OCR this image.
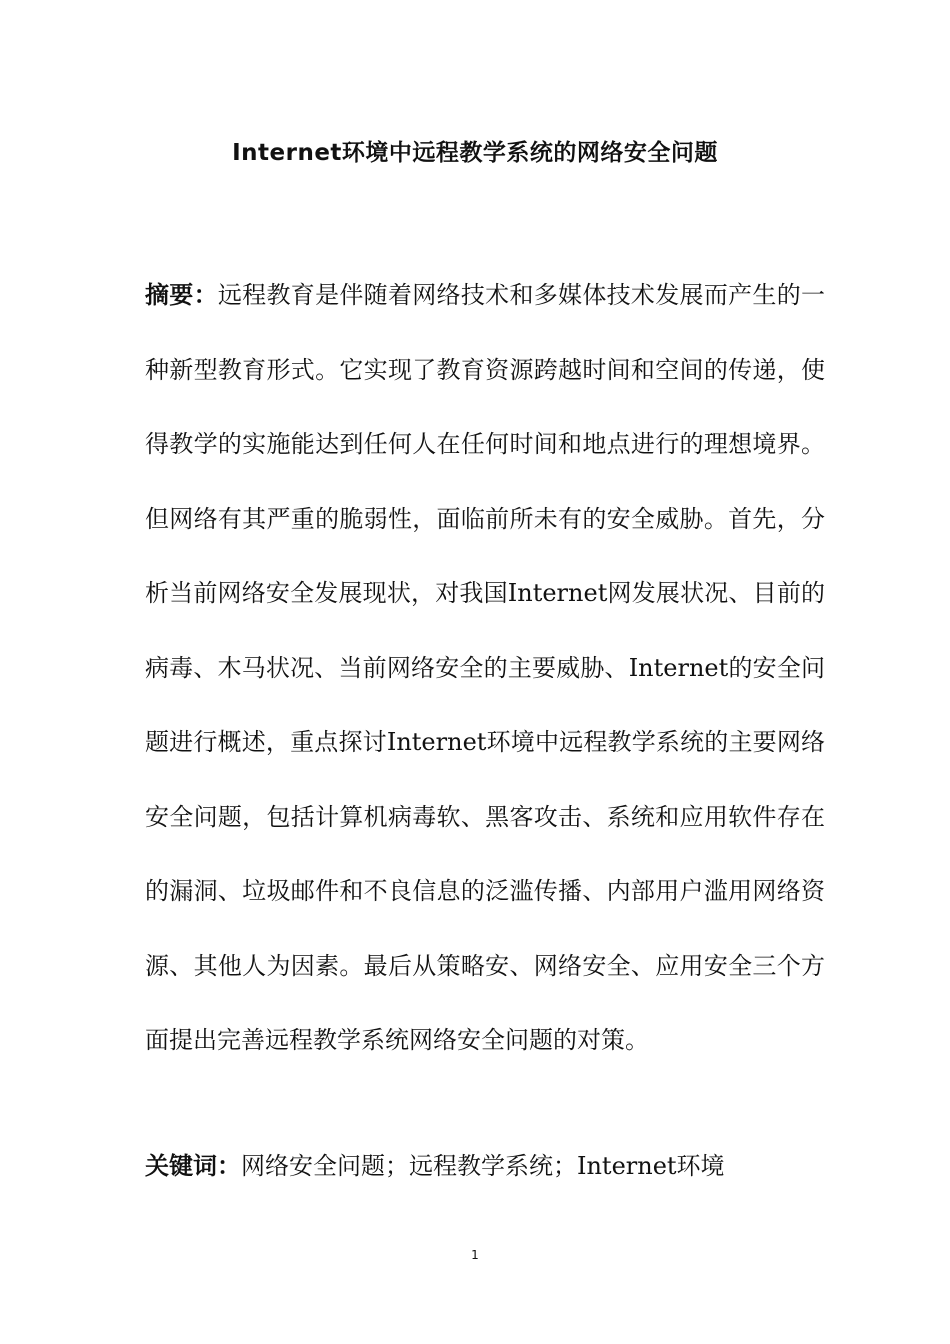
Internet环境中远程教学系统的网络安全问题

摘要：远程教育是伴随着网络技术和多媒体技术发展而产生的一种新型教育形式。它实现了教育资源跨越时间和空间的传递，使得教学的实施能达到任何人在任何时间和地点进行的理想境界。但网络有其严重的脆弱性，面临前所未有的安全威胁。首先，分析当前网络安全发展现状，对我国Internet网发展状况、目前的病毒、木马状况、当前网络安全的主要威胁、Internet的安全问题进行概述，重点探讨Internet环境中远程教学系统的主要网络安全问题，包括计算机病毒软、黑客攻击、系统和应用软件存在的漏洞、垃圾邮件和不良信息的泛滥传播、内部用户滥用网络资源、其他人为因素。最后从策略安、网络安全、应用安全三个方面提出完善远程教学系统网络安全问题的对策。

关键词：网络安全问题；远程教学系统；Internet环境

1
